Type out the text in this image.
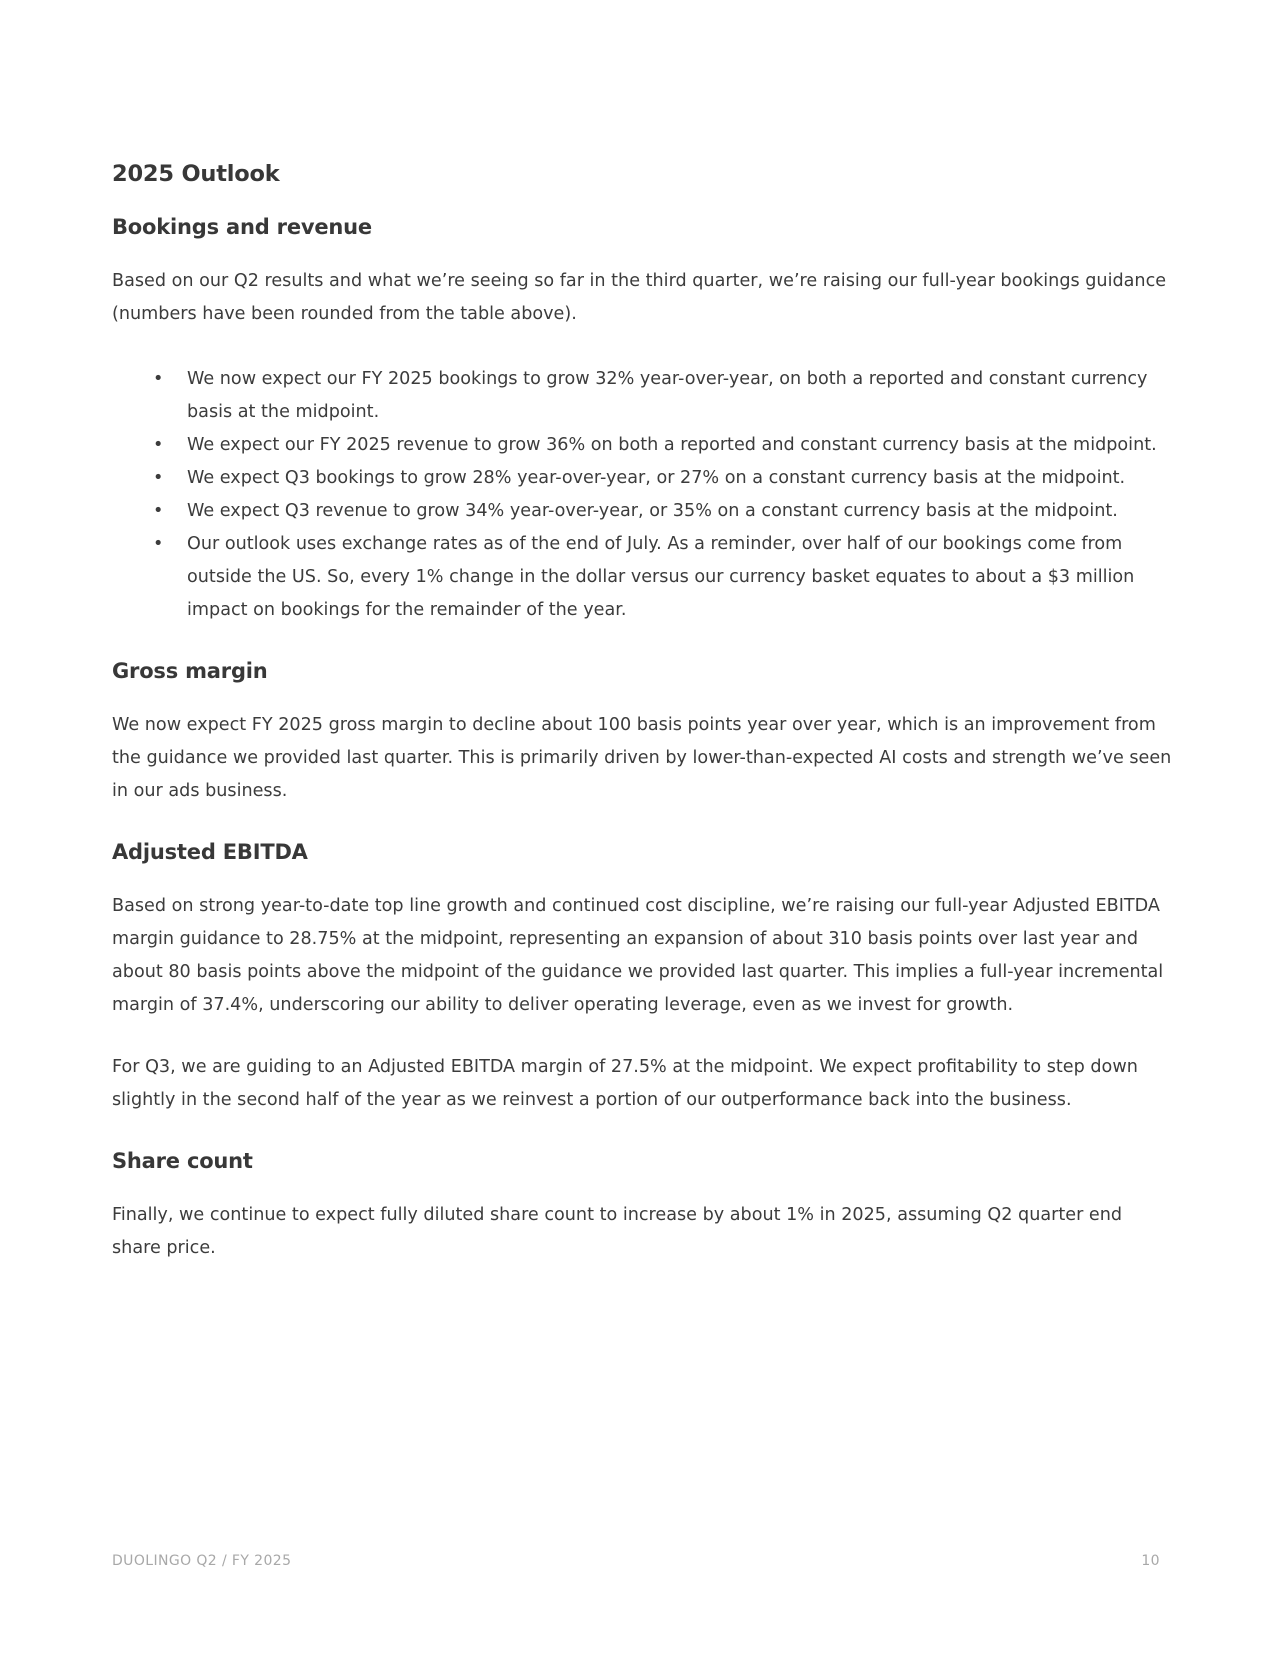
2025 Outlook
Bookings and revenue

Based on our Q2 results and what we’re seeing so far in the third quarter, we’re raising our full-year bookings guidance (numbers have been rounded from the table above).

• We now expect our FY 2025 bookings to grow 32% year-over-year, on both a reported and constant currency basis at the midpoint.
• We expect our FY 2025 revenue to grow 36% on both a reported and constant currency basis at the midpoint.
• We expect Q3 bookings to grow 28% year-over-year, or 27% on a constant currency basis at the midpoint.
• We expect Q3 revenue to grow 34% year-over-year, or 35% on a constant currency basis at the midpoint.
• Our outlook uses exchange rates as of the end of July. As a reminder, over half of our bookings come from outside the US. So, every 1% change in the dollar versus our currency basket equates to about a $3 million impact on bookings for the remainder of the year.
Gross margin

We now expect FY 2025 gross margin to decline about 100 basis points year over year, which is an improvement from the guidance we provided last quarter. This is primarily driven by lower-than-expected AI costs and strength we’ve seen in our ads business.

Adjusted EBITDA

Based on strong year-to-date top line growth and continued cost discipline, we’re raising our full-year Adjusted EBITDA margin guidance to 28.75% at the midpoint, representing an expansion of about 310 basis points over last year and about 80 basis points above the midpoint of the guidance we provided last quarter. This implies a full-year incremental margin of 37.4%, underscoring our ability to deliver operating leverage, even as we invest for growth.

For Q3, we are guiding to an Adjusted EBITDA margin of 27.5% at the midpoint. We expect profitability to step down slightly in the second half of the year as we reinvest a portion of our outperformance back into the business.

Share count

Finally, we continue to expect fully diluted share count to increase by about 1% in 2025, assuming Q2 quarter end share price.

DUOLINGO Q2 / FY 2025	10
